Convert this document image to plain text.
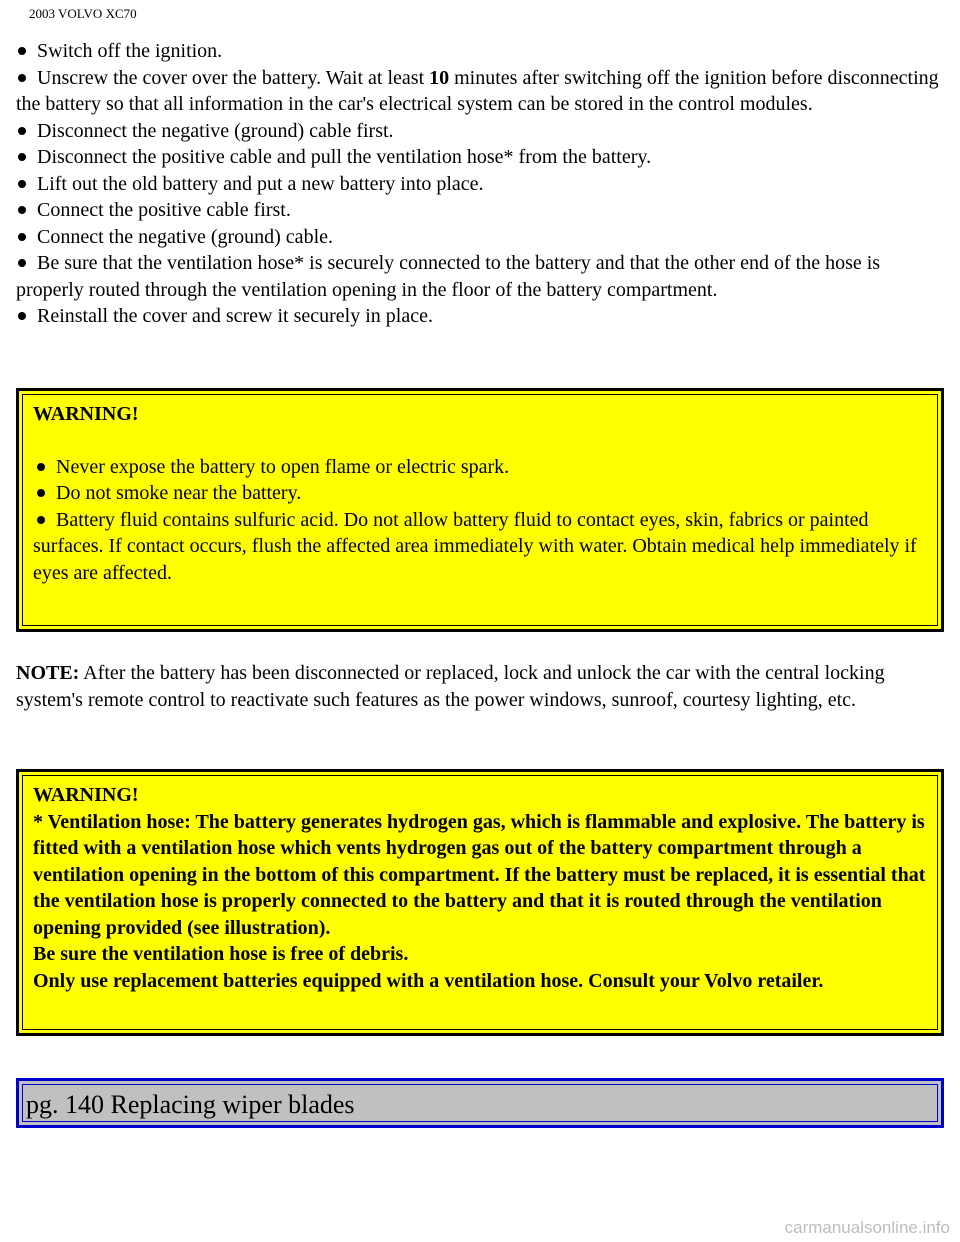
2003 VOLVO XC70
Switch off the ignition.
Unscrew the cover over the battery. Wait at least 10 minutes after switching off the ignition before disconnecting the battery so that all information in the car's electrical system can be stored in the control modules.
Disconnect the negative (ground) cable first.
Disconnect the positive cable and pull the ventilation hose* from the battery.
Lift out the old battery and put a new battery into place.
Connect the positive cable first.
Connect the negative (ground) cable.
Be sure that the ventilation hose* is securely connected to the battery and that the other end of the hose is properly routed through the ventilation opening in the floor of the battery compartment.
Reinstall the cover and screw it securely in place.
WARNING!
Never expose the battery to open flame or electric spark.
Do not smoke near the battery.
Battery fluid contains sulfuric acid. Do not allow battery fluid to contact eyes, skin, fabrics or painted surfaces. If contact occurs, flush the affected area immediately with water. Obtain medical help immediately if eyes are affected.
NOTE: After the battery has been disconnected or replaced, lock and unlock the car with the central locking system's remote control to reactivate such features as the power windows, sunroof, courtesy lighting, etc.
WARNING!
* Ventilation hose: The battery generates hydrogen gas, which is flammable and explosive. The battery is fitted with a ventilation hose which vents hydrogen gas out of the battery compartment through a ventilation opening in the bottom of this compartment. If the battery must be replaced, it is essential that the ventilation hose is properly connected to the battery and that it is routed through the ventilation opening provided (see illustration).
Be sure the ventilation hose is free of debris.
Only use replacement batteries equipped with a ventilation hose. Consult your Volvo retailer.
pg. 140 Replacing wiper blades
carmanualsonline.info
